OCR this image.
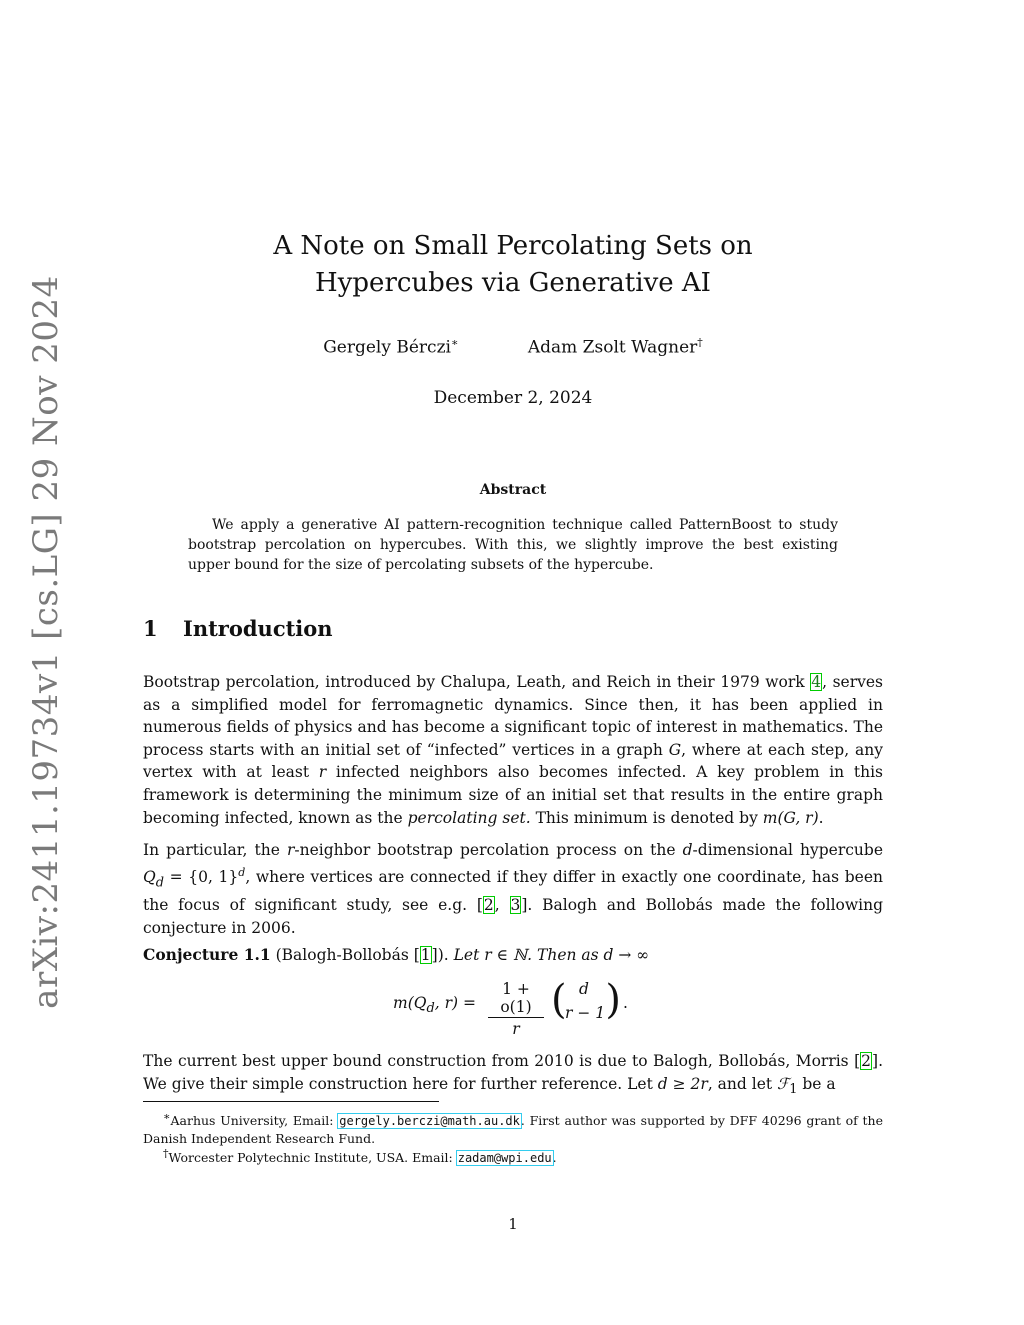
arXiv:2411.19734v1 [cs.LG] 29 Nov 2024
A Note on Small Percolating Sets on Hypercubes via Generative AI
Gergely Bérczi∗	Adam Zsolt Wagner†
December 2, 2024
Abstract
We apply a generative AI pattern-recognition technique called PatternBoost to study bootstrap percolation on hypercubes. With this, we slightly improve the best existing upper bound for the size of percolating subsets of the hypercube.
1 Introduction
Bootstrap percolation, introduced by Chalupa, Leath, and Reich in their 1979 work 4, serves as a simplified model for ferromagnetic dynamics. Since then, it has been applied in numerous fields of physics and has become a significant topic of interest in mathematics. The process starts with an initial set of “infected” vertices in a graph G, where at each step, any vertex with at least r infected neighbors also becomes infected. A key problem in this framework is determining the minimum size of an initial set that results in the entire graph becoming infected, known as the percolating set. This minimum is denoted by m(G, r).
In particular, the r-neighbor bootstrap percolation process on the d-dimensional hypercube $Q_d = \{0$, 1}$^d$, where vertices are connected if they differ in exactly one coordinate, has been the focus of significant study, see e.g. [2, 3]. Balogh and Bollobás made the following conjecture in 2006.
Conjecture 1.1 (Balogh-Bollobás [1]). Let r ∈ ℕ. Then as d → ∞
$m(Q_d$, $r) = \frac{1 + o(1)}{r}$ ( d
r − 1 ) .
The current best upper bound construction from 2010 is due to Balogh, Bollobás, Morris [2]. We give their simple construction here for further reference. Let d ≥ 2r, and let ℱ$_1$ be a
∗Aarhus University, Email: gergely.berczi@math.au.dk. First author was supported by DFF 40296 grant of the Danish Independent Research Fund.
†Worcester Polytechnic Institute, USA. Email: zadam@wpi.edu.
1
